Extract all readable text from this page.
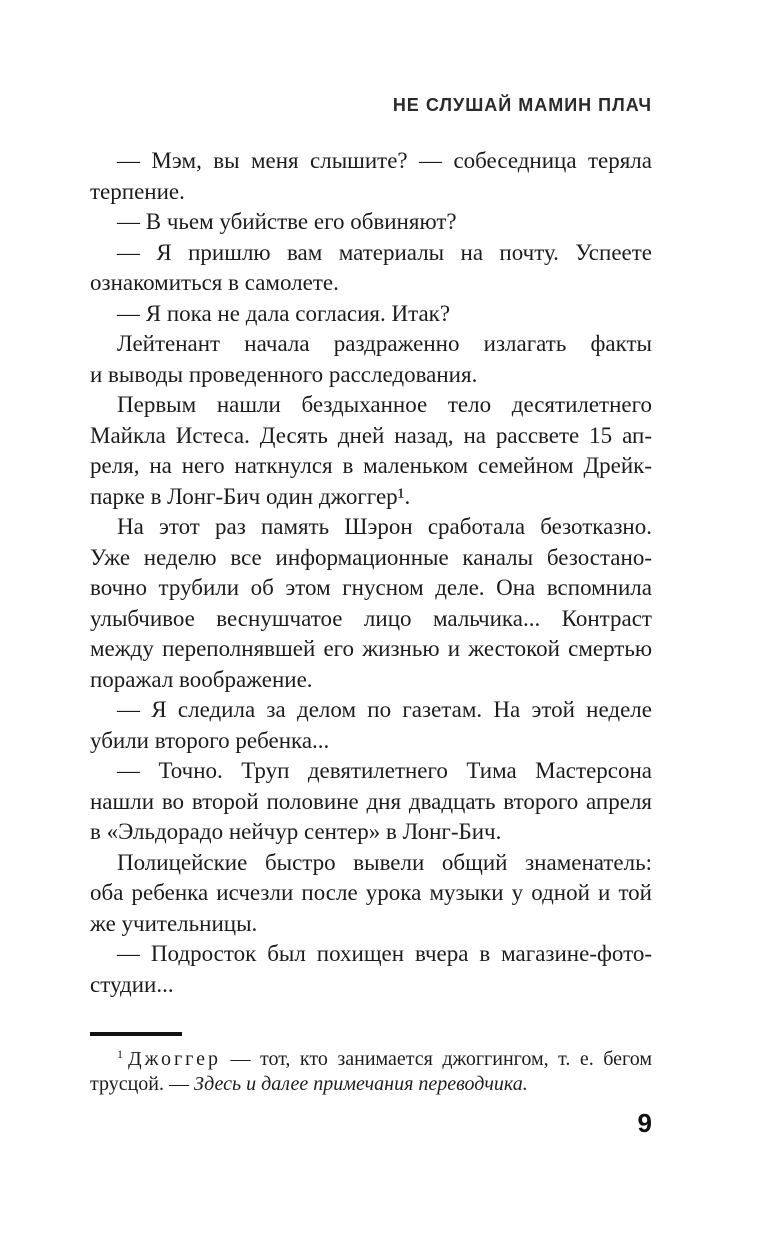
НЕ СЛУШАЙ МАМИН ПЛАЧ
— Мэм, вы меня слышите? — собеседница теряла
терпение.
— В чьем убийстве его обвиняют?
— Я пришлю вам материалы на почту. Успеете
ознакомиться в самолете.
— Я пока не дала согласия. Итак?
Лейтенант начала раздраженно излагать факты
и выводы проведенного расследования.
Первым нашли бездыханное тело десятилетнего
Майкла Истеса. Десять дней назад, на рассвете 15 ап-
реля, на него наткнулся в маленьком семейном Дрейк-
парке в Лонг-Бич один джоггер¹.
На этот раз память Шэрон сработала безотказно.
Уже неделю все информационные каналы безостано-
вочно трубили об этом гнусном деле. Она вспомнила
улыбчивое веснушчатое лицо мальчика... Контраст
между переполнявшей его жизнью и жестокой смертью
поражал воображение.
— Я следила за делом по газетам. На этой неделе
убили второго ребенка...
— Точно. Труп девятилетнего Тима Мастерсона
нашли во второй половине дня двадцать второго апреля
в «Эльдорадо нейчур сентер» в Лонг-Бич.
Полицейские быстро вывели общий знаменатель:
оба ребенка исчезли после урока музыки у одной и той
же учительницы.
— Подросток был похищен вчера в магазине-фото-
студии...
1 Джоггер — тот, кто занимается джоггингом, т. е. бегом
трусцой. — Здесь и далее примечания переводчика.
9
